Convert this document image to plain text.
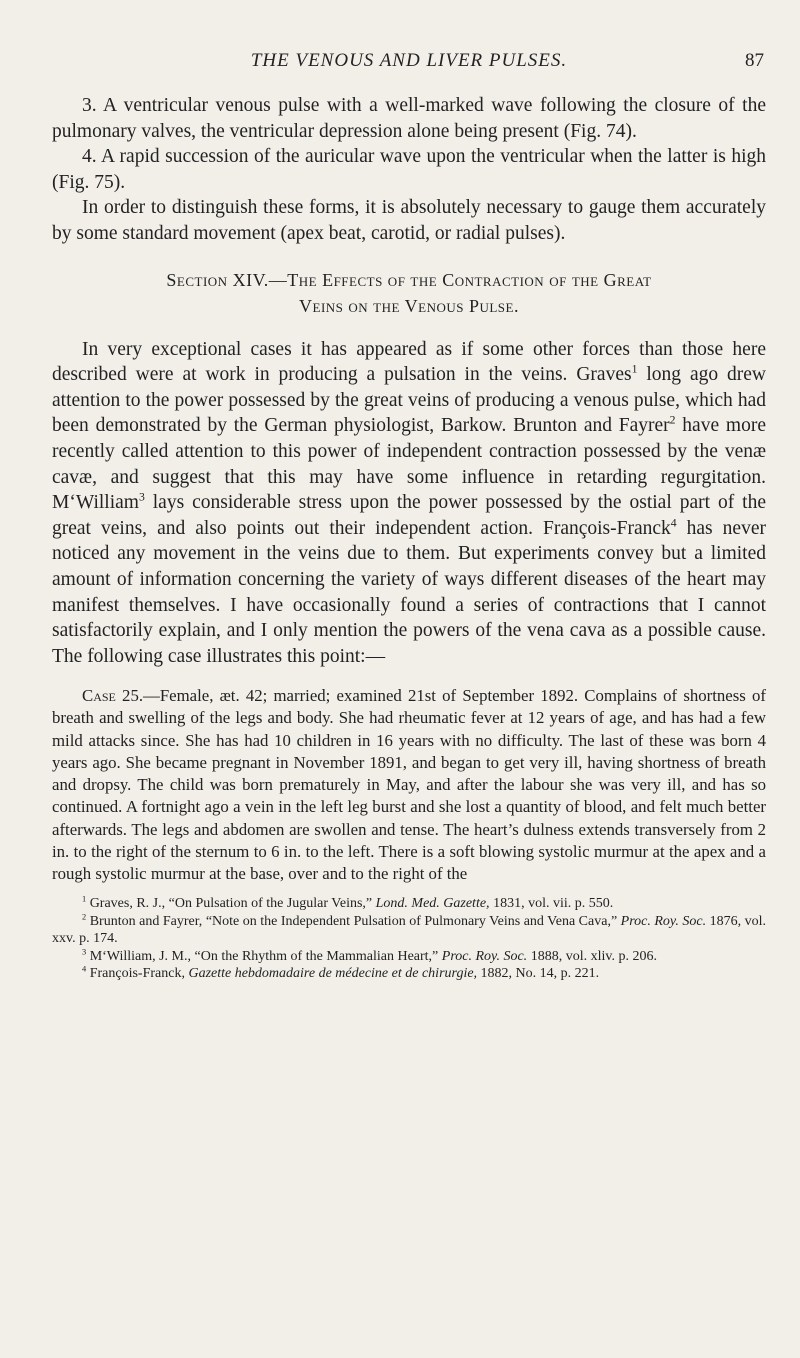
THE VENOUS AND LIVER PULSES.	87

3. A ventricular venous pulse with a well-marked wave following the closure of the pulmonary valves, the ventricular depression alone being present (Fig. 74).

4. A rapid succession of the auricular wave upon the ventricular when the latter is high (Fig. 75).

In order to distinguish these forms, it is absolutely necessary to gauge them accurately by some standard movement (apex beat, carotid, or radial pulses).

Section XIV.—The Effects of the Contraction of the Great
Veins on the Venous Pulse.

In very exceptional cases it has appeared as if some other forces than those here described were at work in producing a pulsation in the veins. Graves$^1$ long ago drew attention to the power possessed by the great veins of producing a venous pulse, which had been demonstrated by the German physiologist, Barkow. Brunton and Fayrer$^2$ have more recently called attention to this power of independent contraction possessed by the venæ cavæ, and suggest that this may have some influence in retarding regurgitation. M‘William$^3$ lays considerable stress upon the power possessed by the ostial part of the great veins, and also points out their independent action. François-Franck$^4$ has never noticed any movement in the veins due to them. But experiments convey but a limited amount of information concerning the variety of ways different diseases of the heart may manifest themselves. I have occasionally found a series of contractions that I cannot satisfactorily explain, and I only mention the powers of the vena cava as a possible cause. The following case illustrates this point:—

Case 25.—Female, æt. 42; married; examined 21st of September 1892. Complains of shortness of breath and swelling of the legs and body. She had rheumatic fever at 12 years of age, and has had a few mild attacks since. She has had 10 children in 16 years with no difficulty. The last of these was born 4 years ago. She became pregnant in November 1891, and began to get very ill, having shortness of breath and dropsy. The child was born prematurely in May, and after the labour she was very ill, and has so continued. A fortnight ago a vein in the left leg burst and she lost a quantity of blood, and felt much better afterwards. The legs and abdomen are swollen and tense. The heart’s dulness extends transversely from 2 in. to the right of the sternum to 6 in. to the left. There is a soft blowing systolic murmur at the apex and a rough systolic murmur at the base, over and to the right of the

$^1$ Graves, R. J., “On Pulsation of the Jugular Veins,” Lond. Med. Gazette, 1831, vol. vii. p. 550.

$^2$ Brunton and Fayrer, “Note on the Independent Pulsation of Pulmonary Veins and Vena Cava,” Proc. Roy. Soc. 1876, vol. xxv. p. 174.

$^3$ M‘William, J. M., “On the Rhythm of the Mammalian Heart,” Proc. Roy. Soc. 1888, vol. xliv. p. 206.

$^4$ François-Franck, Gazette hebdomadaire de médecine et de chirurgie, 1882, No. 14, p. 221.
